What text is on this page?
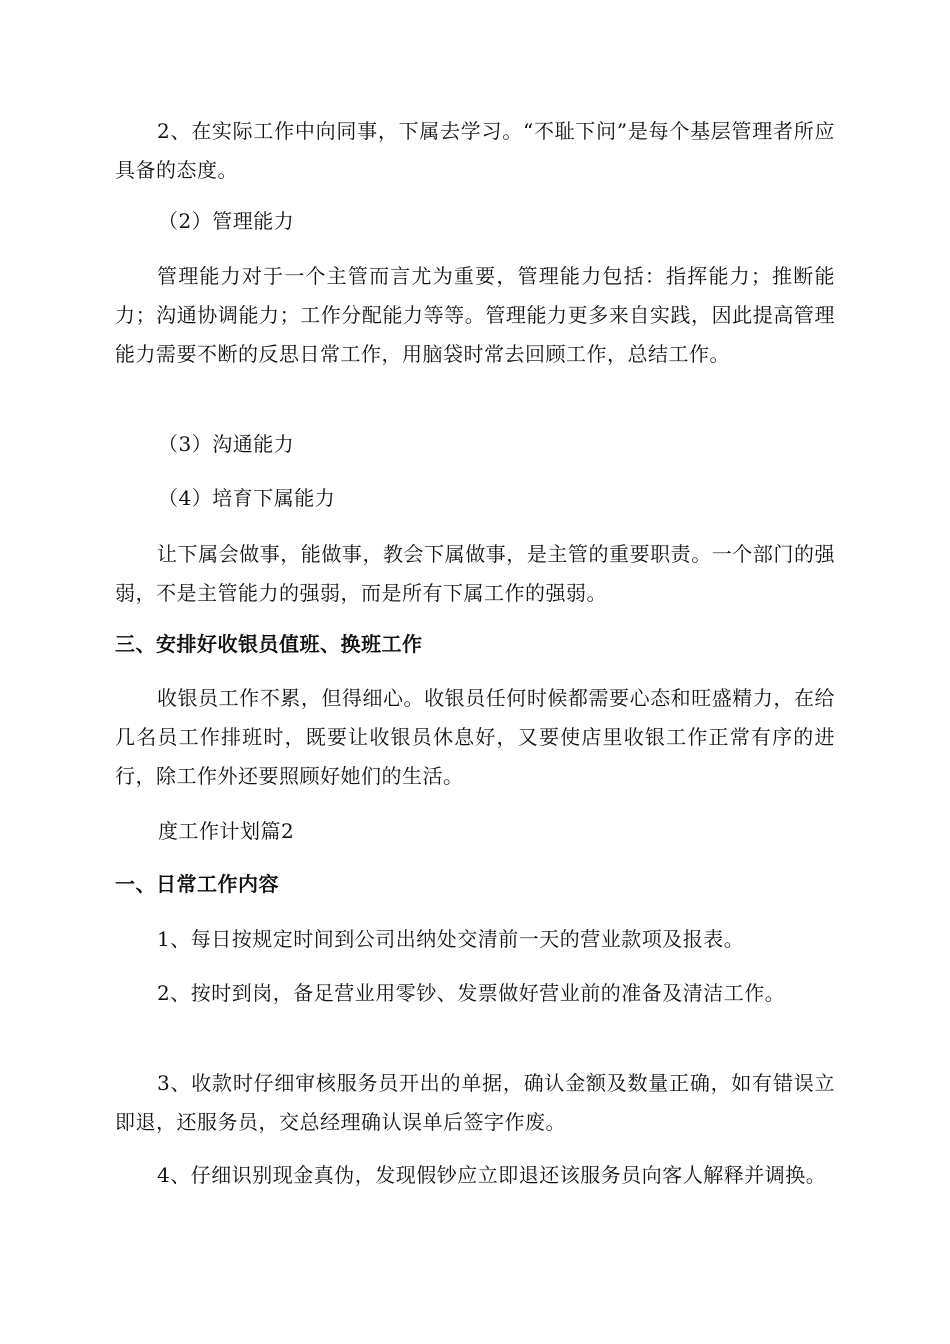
2、在实际工作中向同事，下属去学习。“不耻下问”是每个基层管理者所应具备的态度。

（2）管理能力

管理能力对于一个主管而言尤为重要，管理能力包括：指挥能力；推断能力；沟通协调能力；工作分配能力等等。管理能力更多来自实践，因此提高管理能力需要不断的反思日常工作，用脑袋时常去回顾工作，总结工作。

（3）沟通能力

（4）培育下属能力

让下属会做事，能做事，教会下属做事，是主管的重要职责。一个部门的强弱，不是主管能力的强弱，而是所有下属工作的强弱。

三、安排好收银员值班、换班工作

收银员工作不累，但得细心。收银员任何时候都需要心态和旺盛精力，在给几名员工作排班时，既要让收银员休息好，又要使店里收银工作正常有序的进行，除工作外还要照顾好她们的生活。

度工作计划篇2

一、日常工作内容

1、每日按规定时间到公司出纳处交清前一天的营业款项及报表。

2、按时到岗，备足营业用零钞、发票做好营业前的准备及清洁工作。

3、收款时仔细审核服务员开出的单据，确认金额及数量正确，如有错误立即退，还服务员，交总经理确认误单后签字作废。

4、仔细识别现金真伪，发现假钞应立即退还该服务员向客人解释并调换。
